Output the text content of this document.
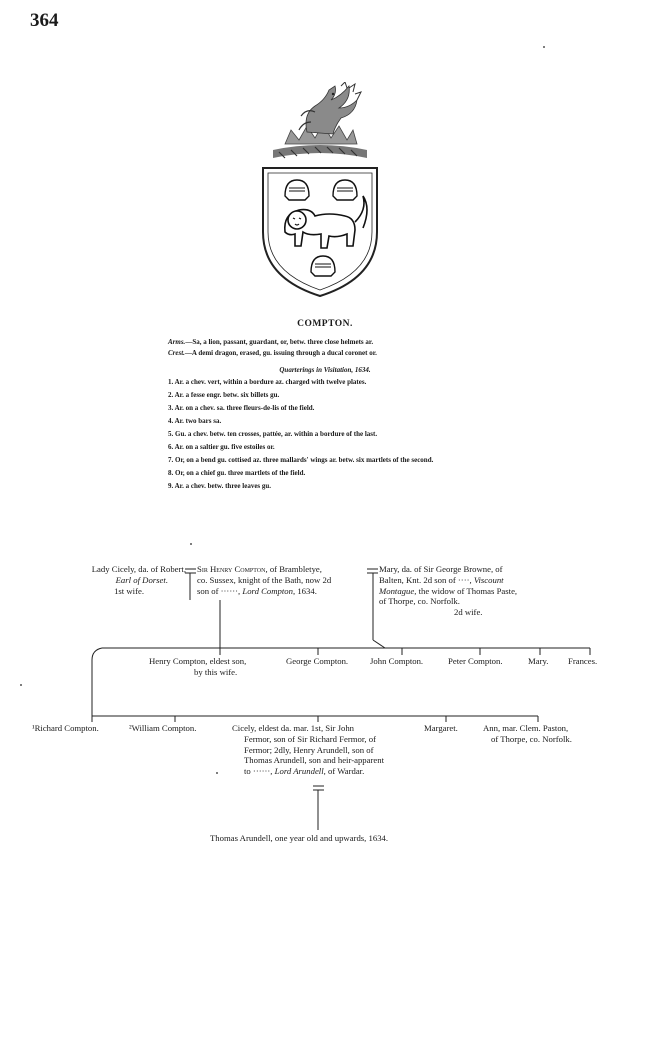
364
COMPTON.
Arms.—Sa, a lion, passant, guardant, or, betw. three close helmets ar.
Crest.—A demi dragon, erased, gu. issuing through a ducal coronet or.
Quarterings in Visitation, 1634.
1. Ar. a chev. vert, within a bordure az. charged with twelve plates.
2. Ar. a fesse engr. betw. six billets gu.
3. Ar. on a chev. sa. three fleurs-de-lis of the field.
4. Ar. two bars sa.
5. Gu. a chev. betw. ten crosses, pattée, ar. within a bordure of the last.
6. Ar. on a saltier gu. five estoiles or.
7. Or, on a bend gu. cottised az. three mallards' wings ar. betw. six martlets of the second.
8. Or, on a chief gu. three martlets of the field.
9. Ar. a chev. betw. three leaves gu.
Lady Cicely, da. of Robert,
Earl of Dorset.
1st wife.
Sir Henry Compton, of Brambletye,
co. Sussex, knight of the Bath, now 2d
son of ······, Lord Compton, 1634.
Mary, da. of Sir George Browne, of
Balten, Knt. 2d son of ····, Viscount
Montague, the widow of Thomas Paste,
of Thorpe, co. Norfolk.
2d wife.
Henry Compton, eldest son,
by this wife.
George Compton.	John Compton.	Peter Compton.	Mary. Frances.
¹Richard Compton.	²William Compton.	Cicely, eldest da. mar. 1st, Sir John
Fermor, son of Sir Richard Fermor, of
Fermor; 2dly, Henry Arundell, son of
Thomas Arundell, son and heir-apparent
to ······, Lord Arundell, of Wardar.
Margaret.	Ann, mar. Clem. Paston,
of Thorpe, co. Norfolk.
Thomas Arundell, one year old and upwards, 1634.
